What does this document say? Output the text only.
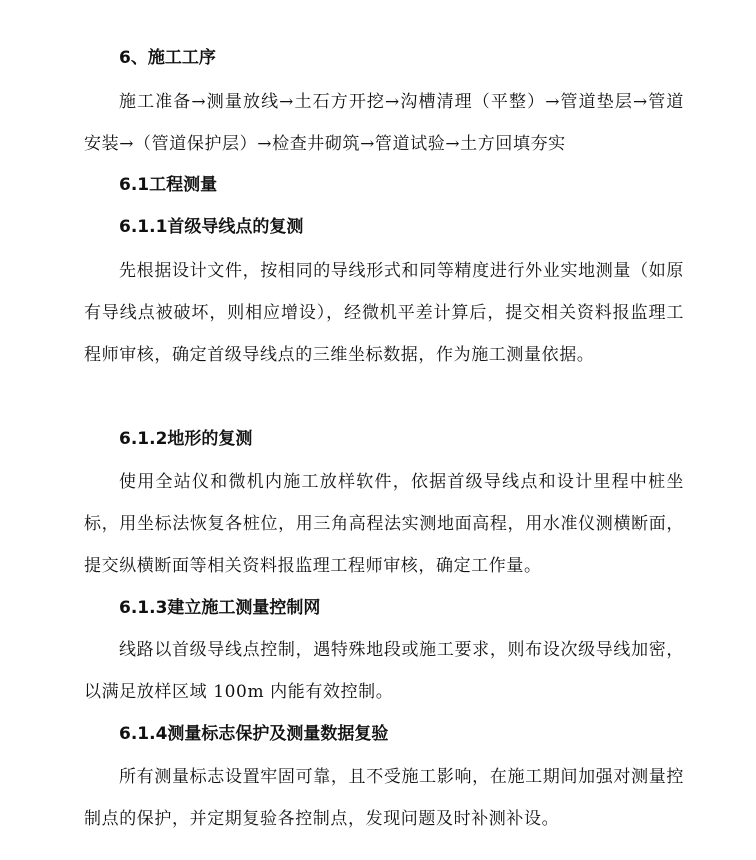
6、施工工序

施工准备→测量放线→土石方开挖→沟槽清理（平整）→管道垫层→管道安装→（管道保护层）→检查井砌筑→管道试验→土方回填夯实

6.1工程测量
6.1.1首级导线点的复测

先根据设计文件，按相同的导线形式和同等精度进行外业实地测量（如原有导线点被破坏，则相应增设），经微机平差计算后，提交相关资料报监理工程师审核，确定首级导线点的三维坐标数据，作为施工测量依据。

6.1.2地形的复测

使用全站仪和微机内施工放样软件，依据首级导线点和设计里程中桩坐标，用坐标法恢复各桩位，用三角高程法实测地面高程，用水准仪测横断面，提交纵横断面等相关资料报监理工程师审核，确定工作量。

6.1.3建立施工测量控制网

线路以首级导线点控制，遇特殊地段或施工要求，则布设次级导线加密，以满足放样区域 100m 内能有效控制。

6.1.4测量标志保护及测量数据复验

所有测量标志设置牢固可靠，且不受施工影响，在施工期间加强对测量控制点的保护，并定期复验各控制点，发现问题及时补测补设。
